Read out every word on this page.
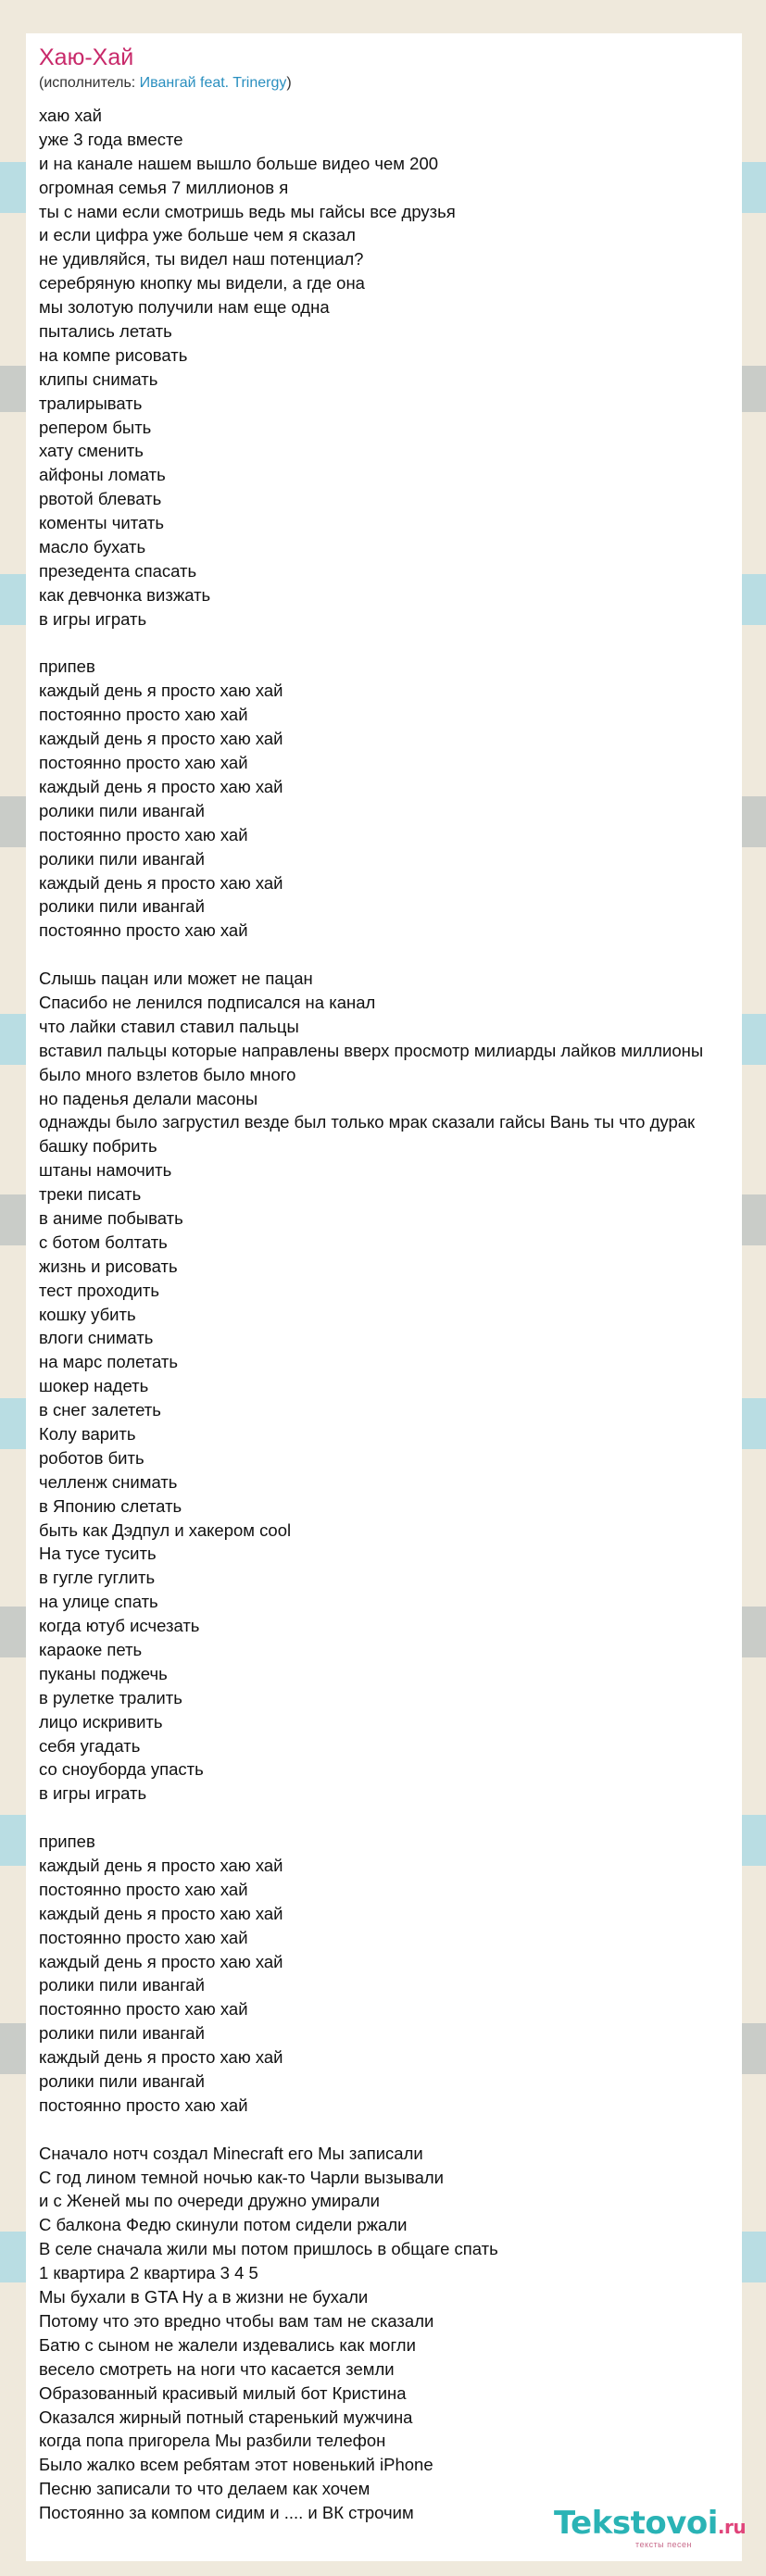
Хаю-Хай
(исполнитель: Ивангай feat. Trinergy)
хаю хай
уже 3 года вместе
и на канале нашем вышло больше видео чем 200
огромная семья 7 миллионов я
ты с нами если смотришь ведь мы гайсы все друзья
и если цифра уже больше чем я сказал
не удивляйся, ты видел наш потенциал?
серебряную кнопку мы видели, а где она
мы золотую получили нам еще одна
пытались летать
на компе рисовать
клипы снимать
тралирывать
репером быть
хату сменить
айфоны ломать
рвотой блевать
коменты читать
масло бухать
презедента спасать
как девчонка визжать
в игры играть
припев
каждый день я просто хаю хай
постоянно просто хаю хай
каждый день я просто хаю хай
постоянно просто хаю хай
каждый день я просто хаю хай
ролики пили ивангай
постоянно просто хаю хай
ролики пили ивангай
каждый день я просто хаю хай
ролики пили ивангай
постоянно просто хаю хай
Слышь пацан или может не пацан
Спасибо не ленился подписался на канал
что лайки ставил ставил пальцы
вставил пальцы которые направлены вверх просмотр милиарды лайков миллионы
было много взлетов было много
но паденья делали масоны
однажды было загрустил везде был только мрак сказали гайсы Вань ты что дурак
башку побрить
штаны намочить
треки писать
в аниме побывать
с ботом болтать
жизнь и рисовать
тест проходить
кошку убить
влоги снимать
на марс полетать
шокер надеть
в снег залететь
Колу варить
роботов бить
челленж снимать
в Японию слетать
быть как Дэдпул и хакером cool
На тусе тусить
в гугле гуглить
на улице спать
когда ютуб исчезать
караоке петь
пуканы поджечь
в рулетке тралить
лицо искривить
себя угадать
со сноуборда упасть
в игры играть
припев
каждый день я просто хаю хай
постоянно просто хаю хай
каждый день я просто хаю хай
постоянно просто хаю хай
каждый день я просто хаю хай
ролики пили ивангай
постоянно просто хаю хай
ролики пили ивангай
каждый день я просто хаю хай
ролики пили ивангай
постоянно просто хаю хай
Сначало нотч создал Minecraft его Мы записали
С год лином темной ночью как-то Чарли вызывали
и с Женей мы по очереди дружно умирали
С балкона Федю скинули потом сидели ржали
В селе сначала жили мы потом пришлось в общаге спать
1 квартира 2 квартира 3 4 5
Мы бухали в GTA Ну а в жизни не бухали
Потому что это вредно чтобы вам там не сказали
Батю с сыном не жалели издевались как могли
весело смотреть на ноги что касается земли
Образованный красивый милый бот Кристина
Оказался жирный потный старенький мужчина
когда попа пригорела Мы разбили телефон
Было жалко всем ребятам этот новенький iPhone
Песню записали то что делаем как хочем
Постоянно за компом сидим и .... и ВК строчим	Tekstovoi.ru
тексты песен
